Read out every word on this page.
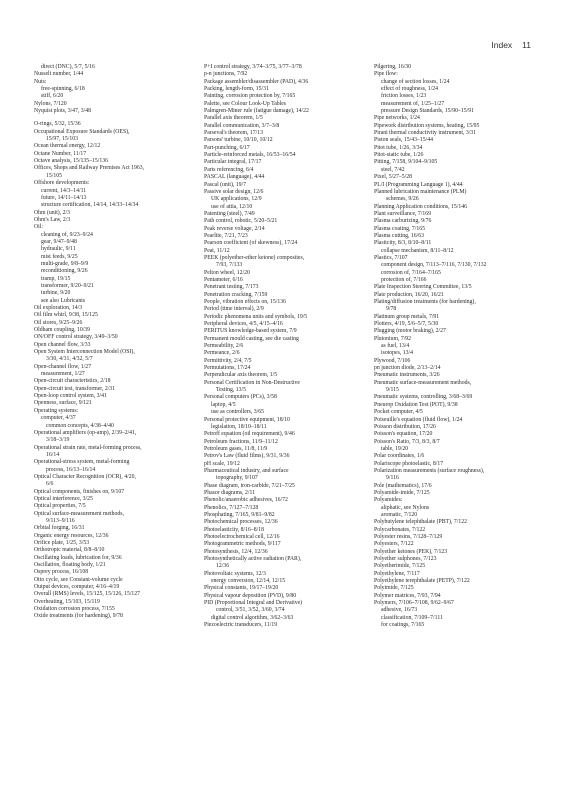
Index 11
direct (DNC), 5/7, 5/16
Nusselt number, 1/44
Nuts:
free-spinning, 6/18
stiff, 6/20
Nylons, 7/120
Nyquist plots, 3/47, 3/48
O-rings, 5/32, 15/36
Occupational Exposure Standards (OES),
15/97, 15/103
Ocean thermal energy, 12/12
Octane Number, 11/17
Octave analysis, 15/135–15/136
Offices, Shops and Railway Premises Act 1963,
15/105
Offshore developments:
current, 14/3–14/11
future, 14/11–14/13
structure certification, 14/14, 14/33–14/34
Ohm (unit), 2/3
Ohm's Law, 2/3
Oil:
cleaning of, 9/23–9/24
gear, 9/47–9/48
hydraulic, 9/11
mist feeds, 9/25
multi-grade, 9/8–9/9
reconditioning, 9/26
tramp, 19/15
transformer, 9/20–9/21
turbine, 9/20
see also Lubricants
Oil exploration, 14/3
Oil film whirl, 9/38, 15/125
Oil stores, 9/25–9/26
Oldham coupling, 10/39
ON/OFF control strategy, 3/49–3/50
Open channel flow, 3/33
Open System Interconnection Model (OSI),
3/30, 4/31, 4/32, 5/7
Open-channel flow, 1/27
measurement, 1/27
Open-circuit characteristics, 2/18
Open-circuit test, transformer, 2/31
Open-loop control system, 3/41
Openness, surface, 9/121
Operating systems:
computer, 4/37
common concepts, 4/38–4/40
Operational amplifiers (op-amp), 2/39–2/41,
3/18–3/19
Operational strain rate, metal-forming process,
16/14
Operational-stress system, metal-forming
process, 16/13–16/14
Optical Character Recognition (OCR), 4/20,
6/6
Optical components, finishes on, 9/107
Optical interference, 3/25
Optical properties, 7/5
Optical surface-measurement methods,
9/113–9/116
Orbital forging, 16/31
Organic energy resources, 12/36
Orifice plate, 1/25, 3/53
Orthotropic material, 8/8–8/10
Oscillating loads, lubrication for, 9/36
Oscillation, floating body, 1/21
Osprey process, 16/108
Otto cycle, see Constant-volume cycle
Output devices, computer, 4/16–4/19
Overall (RMS) levels, 15/125, 15/126, 15/127
Overheating, 15/103, 15/119
Oxidation corrosion process, 7/155
Oxide treatments (for hardening), 9/78
P+I control strategy, 3/74–3/75, 3/77–3/78
p-n junctions, 7/92
Package assembler/disassembler (PAD), 4/36
Packing, length-form, 15/31
Painting, corrosion protection by, 7/165
Palette, see Colour Look-Up Tables
Palmgren-Miner rule (fatigue damage), 14/22
Parallel axis theorem, 1/5
Parallel communication, 3/7–3/8
Parseval's theorem, 17/13
Parsons' turbine, 10/10, 10/12
Part-punching, 6/17
Particle-reinforced metals, 16/53–16/54
Particular integral, 17/17
Parts referencing, 6/4
PASCAL (language), 4/44
Pascal (unit), 19/7
Passive solar design, 12/6
UK applications, 12/9
use of attia, 12/10
Patenting (steel), 7/49
Path control, robotic, 5/20–5/21
Peak reverse voltage, 2/14
Pearlite, 7/21, 7/23
Pearson coefficient (of skewness), 17/24
Peat, 11/12
PEEK (polyether-ether ketone) composites,
7/93, 7/133
Pelton wheel, 12/20
Pentameter, 6/16
Penetrant testing, 7/173
Penetration cracking, 7/159
People, vibration effects on, 15/136
Period (time interval), 2/9
Periodic phenomena units and symbols, 19/5
Peripheral devices, 4/5, 4/15–4/16
PERITUS knowledge-based system, 7/9
Permanent mould casting, see die casting
Permeability, 2/6
Permeance, 2/6
Permittivity, 2/4, 7/5
Permutations, 17/24
Perpendicular axis theorem, 1/5
Personal Certification in Non-Destructive
Testing, 13/5
Personal computers (PCs), 3/58
laptop, 4/5
use as controllers, 3/65
Personal protective equipment, 18/10
legislation, 18/10–18/11
Petroff equation (oil requirement), 9/46
Petroleum fractions, 11/9–11/12
Petroleum gases, 11/8, 11/9
Petrov's Law (fluid films), 9/31, 9/36
pH scale, 19/12
Pharmaceutical industry, and surface
topography, 9/107
Phase diagram, iron-carbide, 7/21–7/25
Phasor diagrams, 2/11
Phenolic/anaerobic adhesives, 16/72
Phenolics, 7/127–7/128
Phosphating, 7/165, 9/81–9/82
Photochemical processes, 12/36
Photoelasticity, 8/16–8/18
Photoelectrochemical cell, 12/16
Photogrammetric methods, 9/117
Photosynthesis, 12/4, 12/36
Photosynthetically active radiation (PAR),
12/36
Photovoltaic systems, 12/3
energy conversion, 12/14, 12/15
Physical constants, 19/17–19/20
Physical vapour deposition (PVD), 9/80
PID (Proportional Integral and Derivative)
control, 3/51, 3/52, 3/60, 3/74
digital control algorithm, 3/62–3/63
Piezoelectric transducers, 11/19
Pilgering, 16/30
Pipe flow:
change of section losses, 1/24
effect of roughness, 1/24
friction losses, 1/23
measurement of, 1/25–1/27
pressure Design Standards, 15/90–15/91
Pipe networks, 1/24
Pipework distribution systems, heating, 15/95
Pirani thermal conductivity instrument, 3/31
Piston seals, 15/43–15/44
Pitot tube, 1/26, 3/34
Pitot-static tube, 1/26
Pitting, 7/158, 9/104–9/105
steel, 7/42
Pixel, 5/27–5/28
PL/I (Programming Language 1), 4/44
Planned lubrication maintenance (PLM)
schemes, 9/26
Planning Application conditions, 15/146
Plant surveillance, 7/169
Plasma carburizing, 9/76
Plasma coating, 7/165
Plasma cutting, 16/63
Plasticity, 8/3, 8/10–8/11
collapse mechanism, 8/11–8/12
Plastics, 7/107
component design, 7/113–7/116, 7/130, 7/132
corrosion of, 7/164–7/165
protection of, 7/166
Plate Inspection Steering Committee, 13/5
Plate production, 16/20, 16/21
Plating/diffusion treatments (for hardening),
9/78
Platinum group metals, 7/91
Plotters, 4/19, 5/6–5/7, 5/30
Plugging (motor braking), 2/27
Plutonium, 7/92
as fuel, 13/4
isotopes, 13/4
Plywood, 7/106
pn junction diode, 2/13–2/14
Pneumatic instruments, 3/26
Pneumatic surface-measurement methods,
9/115
Pneumatic systems, controlling, 3/68–3/69
Pneurop Oxidation Test (POT), 9/38
Pocket computer, 4/5
Poiseuille's equation (fluid flow), 1/24
Poisson distribution, 17/26
Poisson's equation, 17/20
Poisson's Ratio, 7/3, 8/3, 8/7
table, 19/20
Polar coordinates, 1/6
Polariscope photoelastic, 8/17
Polarization measurements (surface roughness),
9/116
Pole (mathematics), 17/6
Polyamide-imide, 7/125
Polyamides:
aliphatic, see Nylons
aromatic, 7/120
Polybutylene telephthalate (PBT), 7/122
Polycarbonates, 7/122
Polyester resins, 7/128–7/129
Polyesters, 7/122
Polyether ketones (PEK), 7/123
Polyether sulphones, 7/123
Polyetherimide, 7/125
Polyethylene, 7/117
Polyethylene terephthalate (PETP), 7/122
Polyimide, 7/125
Polymer matrices, 7/93, 7/94
Polymers, 7/106–7/108, 9/62–9/67
adhesive, 16/73
classification, 7/109–7/111
for coatings, 7/165
